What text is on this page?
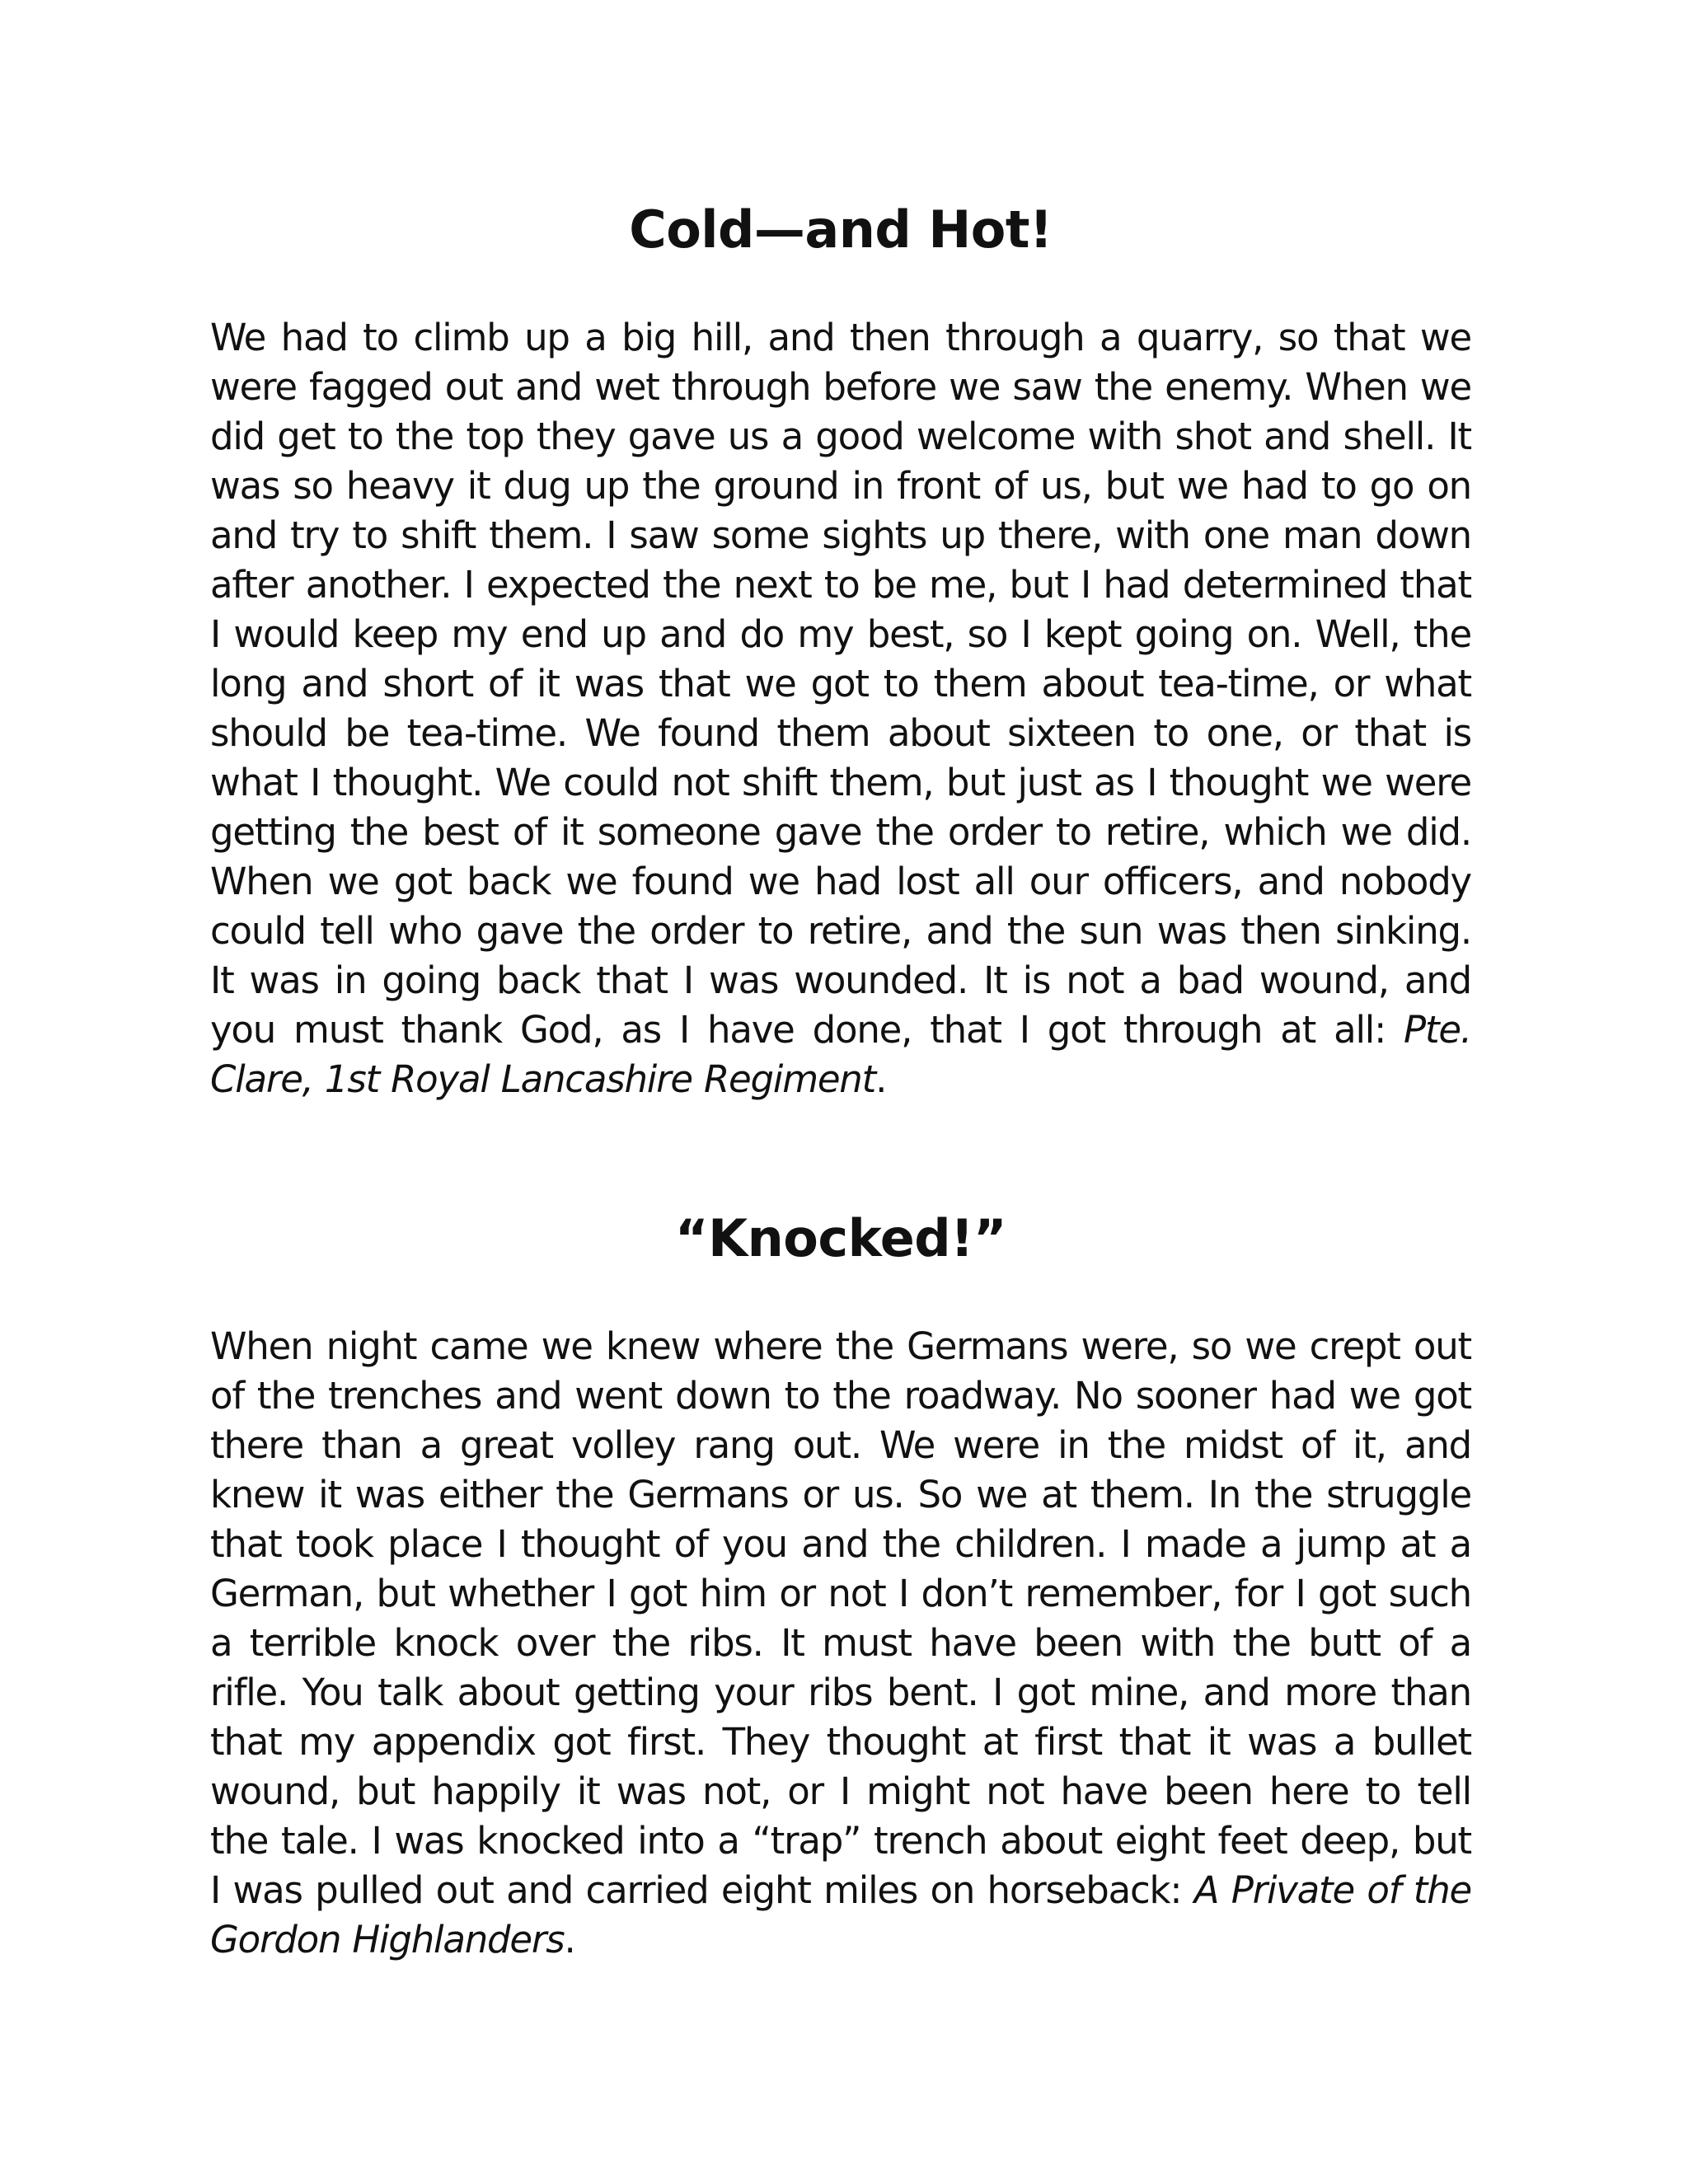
Cold—and Hot!

We had to climb up a big hill, and then through a quarry, so that we were fagged out and wet through before we saw the enemy. When we did get to the top they gave us a good welcome with shot and shell. It was so heavy it dug up the ground in front of us, but we had to go on and try to shift them. I saw some sights up there, with one man down after another. I expected the next to be me, but I had determined that I would keep my end up and do my best, so I kept going on. Well, the long and short of it was that we got to them about tea-time, or what should be tea-time. We found them about sixteen to one, or that is what I thought. We could not shift them, but just as I thought we were getting the best of it someone gave the order to retire, which we did. When we got back we found we had lost all our officers, and nobody could tell who gave the order to retire, and the sun was then sinking. It was in going back that I was wounded. It is not a bad wound, and you must thank God, as I have done, that I got through at all: Pte. Clare, 1st Royal Lancashire Regiment.

“Knocked!”

When night came we knew where the Germans were, so we crept out of the trenches and went down to the roadway. No sooner had we got there than a great volley rang out. We were in the midst of it, and knew it was either the Germans or us. So we at them. In the struggle that took place I thought of you and the children. I made a jump at a German, but whether I got him or not I don’t remember, for I got such a terrible knock over the ribs. It must have been with the butt of a rifle. You talk about getting your ribs bent. I got mine, and more than that my appendix got first. They thought at first that it was a bullet wound, but happily it was not, or I might not have been here to tell the tale. I was knocked into a “trap” trench about eight feet deep, but I was pulled out and carried eight miles on horseback: A Private of the Gordon Highlanders.
